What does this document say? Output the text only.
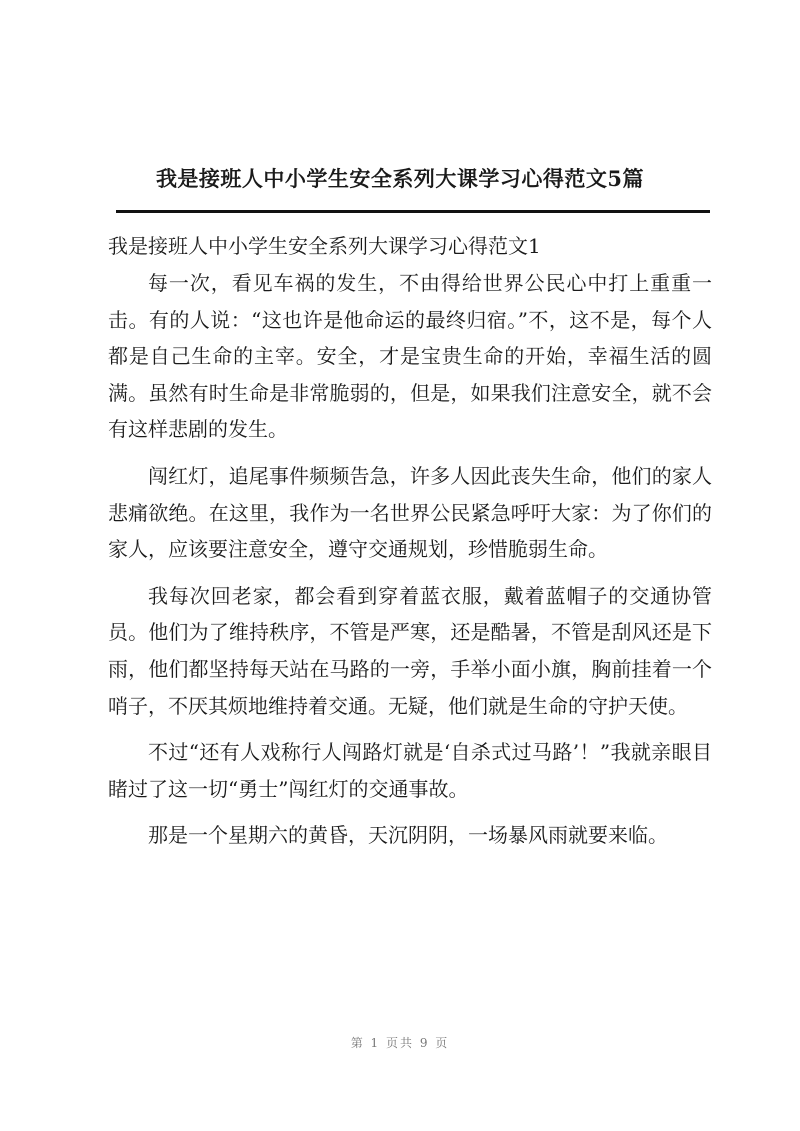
我是接班人中小学生安全系列大课学习心得范文5篇

我是接班人中小学生安全系列大课学习心得范文1

每一次，看见车祸的发生，不由得给世界公民心中打上重重一击。有的人说：“这也许是他命运的最终归宿。”不，这不是，每个人都是自己生命的主宰。安全，才是宝贵生命的开始，幸福生活的圆满。虽然有时生命是非常脆弱的，但是，如果我们注意安全，就不会有这样悲剧的发生。

闯红灯，追尾事件频频告急，许多人因此丧失生命，他们的家人悲痛欲绝。在这里，我作为一名世界公民紧急呼吁大家：为了你们的家人，应该要注意安全，遵守交通规划，珍惜脆弱生命。

我每次回老家，都会看到穿着蓝衣服，戴着蓝帽子的交通协管员。他们为了维持秩序，不管是严寒，还是酷暑，不管是刮风还是下雨，他们都坚持每天站在马路的一旁，手举小面小旗，胸前挂着一个哨子，不厌其烦地维持着交通。无疑，他们就是生命的守护天使。

不过“还有人戏称行人闯路灯就是‘自杀式过马路’！”我就亲眼目睹过了这一切“勇士”闯红灯的交通事故。

那是一个星期六的黄昏，天沉阴阴，一场暴风雨就要来临。

第 1 页共 9 页
